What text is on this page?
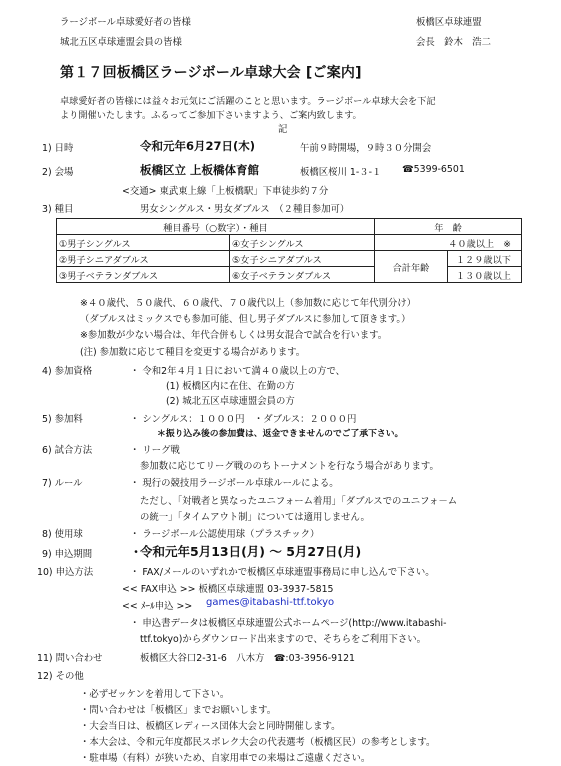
ラージボール卓球愛好者の皆様
城北五区卓球連盟会員の皆様
板橋区卓球連盟
会長　鈴木　浩二
第１７回板橋区ラージボール卓球大会 [ご案内]
卓球愛好者の皆様には益々お元気にご活躍のことと思います。ラージボール卓球大会を下記
より開催いたします。ふるってご参加下さいますよう、ご案内致します。
記
1) 日時	令和元年6月27日(木)	午前９時開場，９時３０分開会
2) 会場	板橋区立 上板橋体育館	板橋区桜川 1-３-１ ☎5399-6501
<交通> 東武東上線「上板橋駅」下車徒歩約７分
3) 種目	男女シングルス・男女ダブルス　（２種目参加可）
種目番号（○数字）・種目		年　齢	
①男子シングルス	④女子シングルス	４０歳以上　※	
②男子シニアダブルス	⑤女子シニアダブルス	合計年齢	１２９歳以下
③男子ベテランダブルス	⑥女子ベテランダブルス		１３０歳以上
※４０歳代、５０歳代、６０歳代、７０歳代以上（参加数に応じて年代別分け）
（ダブルスはミックスでも参加可能、但し男子ダブルスに参加して頂きます。）
※参加数が少ない場合は、年代合併もしくは男女混合で試合を行います。
(注) 参加数に応じて種目を変更する場合があります。
4) 参加資格	・ 令和2年４月１日において満４０歳以上の方で、
(1) 板橋区内に在住、在勤の方
(2) 城北五区卓球連盟会員の方
5) 参加料	・ シングルス：１０００円　・ダブルス：２０００円
＊振り込み後の参加費は、返金できませんのでご了承下さい。
6) 試合方法	・ リーグ戦
参加数に応じてリーグ戦ののちトーナメントを行なう場合があります。
7) ルール	・ 現行の競技用ラージボール卓球ルールによる。
ただし、「対戦者と異なったユニフォーム着用」「ダブルスでのユニフォ－ム
の統一」「タイムアウト制」については適用しません。
8) 使用球	・ ラージボール公認使用球（プラスチック）
9) 申込期間	・
令和元年5月13日(月) ～ 5月27日(月)
10) 申込方法	・ FAX/メールのいずれかで板橋区卓球連盟事務局に申し込んで下さい。
<< FAX申込 >> 板橋区卓球連盟 03-3937-5815
<< ﾒｰﾙ申込 >> games@itabashi-ttf.tokyo
・ 申込書データは板橋区卓球連盟公式ホームページ(http://www.itabashi-
ttf.tokyo)からダウンロード出来ますので、そちらをご利用下さい。
11) 問い合わせ	板橋区大谷口2-31-6　八木方　☎:03-3956-9121
12) その他
・必ずゼッケンを着用して下さい。
・問い合わせは「板橋区」までお願いします。
・大会当日は、板橋区レディース団体大会と同時開催します。
・本大会は、令和元年度都民スポレク大会の代表選考（板橋区民）の参考とします。
・駐車場（有料）が狭いため、自家用車での来場はご遠慮ください。
